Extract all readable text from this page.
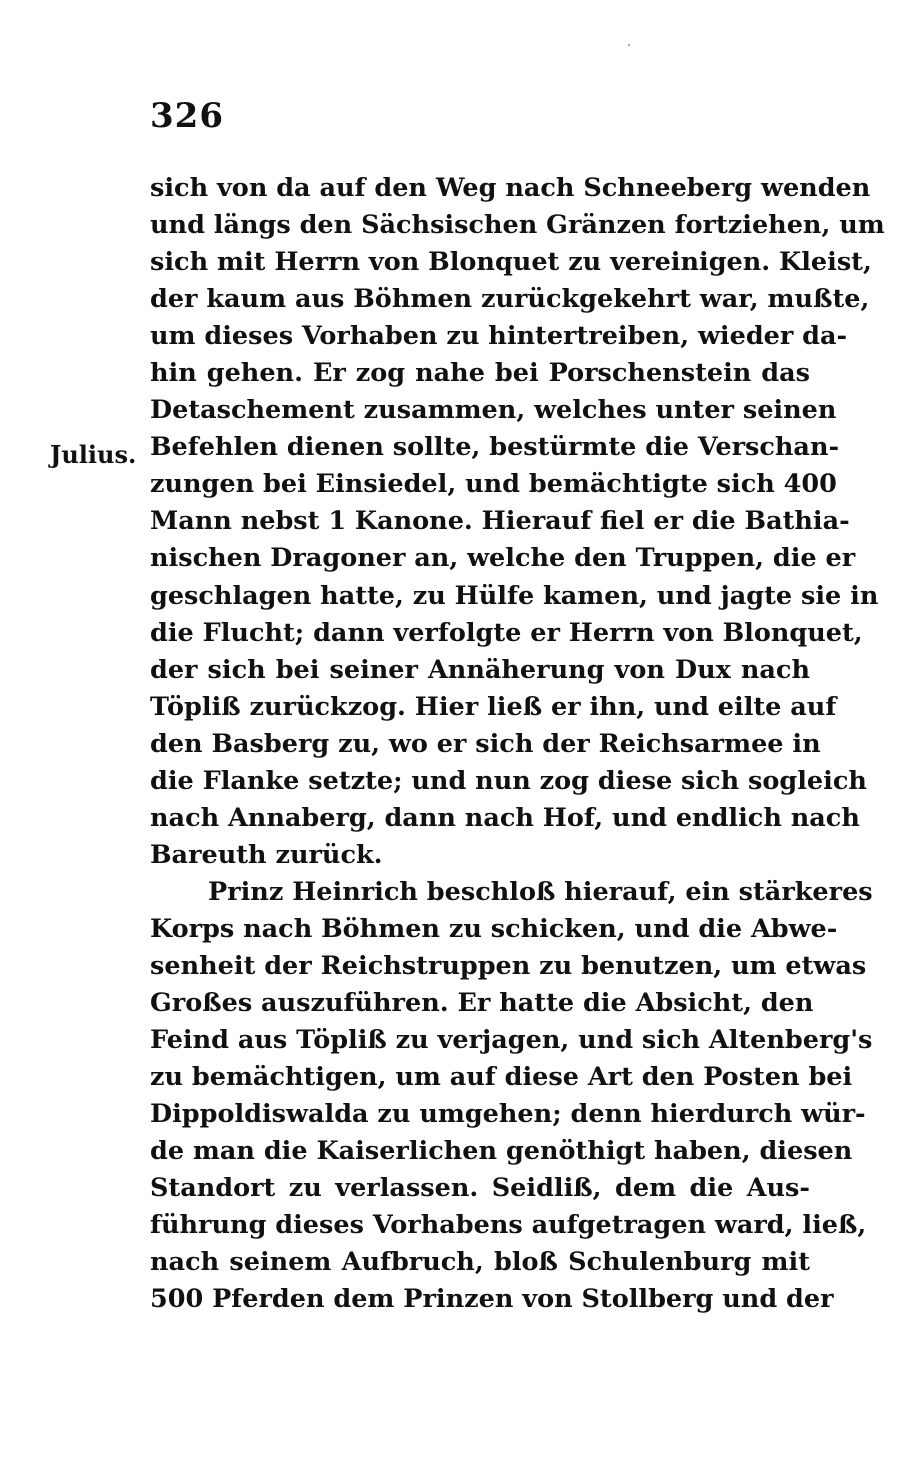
326
Julius.
sich von da auf den Weg nach Schneeberg wenden
und längs den Sächsischen Gränzen fortziehen, um
sich mit Herrn von Blonquet zu vereinigen. Kleist,
der kaum aus Böhmen zurückgekehrt war, mußte,
um dieses Vorhaben zu hintertreiben, wieder da-
hin gehen. Er zog nahe bei Porschenstein das
Detaschement zusammen, welches unter seinen
Befehlen dienen sollte, bestürmte die Verschan-
zungen bei Einsiedel, und bemächtigte sich 400
Mann nebst 1 Kanone. Hierauf fiel er die Bathia-
nischen Dragoner an, welche den Truppen, die er
geschlagen hatte, zu Hülfe kamen, und jagte sie in
die Flucht; dann verfolgte er Herrn von Blonquet,
der sich bei seiner Annäherung von Dux nach
Töpliß zurückzog. Hier ließ er ihn, und eilte auf
den Basberg zu, wo er sich der Reichsarmee in
die Flanke setzte; und nun zog diese sich sogleich
nach Annaberg, dann nach Hof, und endlich nach
Bareuth zurück.
Prinz Heinrich beschloß hierauf, ein stärkeres
Korps nach Böhmen zu schicken, und die Abwe-
senheit der Reichstruppen zu benutzen, um etwas
Großes auszuführen. Er hatte die Absicht, den
Feind aus Töpliß zu verjagen, und sich Altenberg's
zu bemächtigen, um auf diese Art den Posten bei
Dippoldiswalda zu umgehen; denn hierdurch wür-
de man die Kaiserlichen genöthigt haben, diesen
Standort zu verlassen. Seidliß, dem die Aus-
führung dieses Vorhabens aufgetragen ward, ließ,
nach seinem Aufbruch, bloß Schulenburg mit
500 Pferden dem Prinzen von Stollberg und der
